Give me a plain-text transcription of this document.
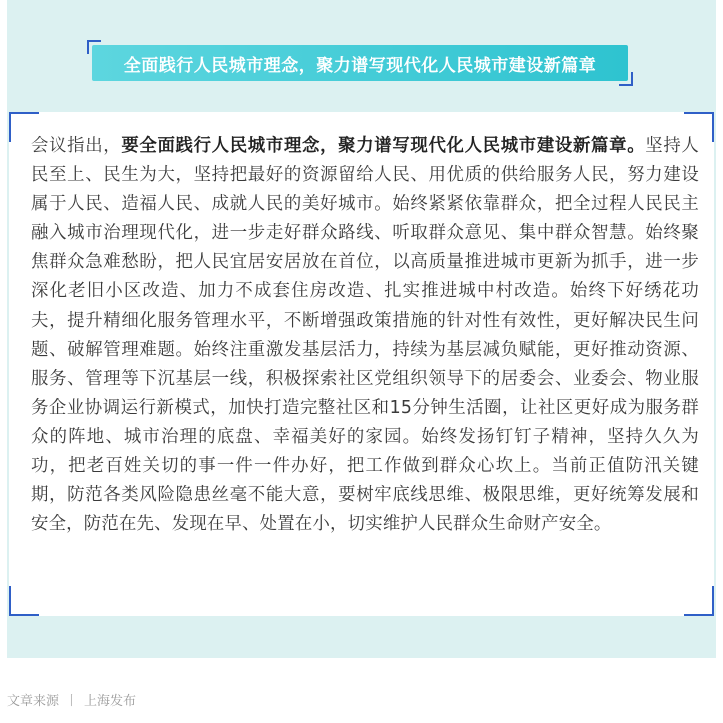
全面践行人民城市理念，聚力谱写现代化人民城市建设新篇章

会议指出，要全面践行人民城市理念，聚力谱写现代化人民城市建设新篇章。坚持人民至上、民生为大，坚持把最好的资源留给人民、用优质的供给服务人民，努力建设属于人民、造福人民、成就人民的美好城市。始终紧紧依靠群众，把全过程人民民主融入城市治理现代化，进一步走好群众路线、听取群众意见、集中群众智慧。始终聚焦群众急难愁盼，把人民宜居安居放在首位，以高质量推进城市更新为抓手，进一步深化老旧小区改造、加力不成套住房改造、扎实推进城中村改造。始终下好绣花功夫，提升精细化服务管理水平，不断增强政策措施的针对性有效性，更好解决民生问题、破解管理难题。始终注重激发基层活力，持续为基层减负赋能，更好推动资源、服务、管理等下沉基层一线，积极探索社区党组织领导下的居委会、业委会、物业服务企业协调运行新模式，加快打造完整社区和15分钟生活圈，让社区更好成为服务群众的阵地、城市治理的底盘、幸福美好的家园。始终发扬钉钉子精神，坚持久久为功，把老百姓关切的事一件一件办好，把工作做到群众心坎上。当前正值防汛关键期，防范各类风险隐患丝毫不能大意，要树牢底线思维、极限思维，更好统筹发展和安全，防范在先、发现在早、处置在小，切实维护人民群众生命财产安全。

文章来源 丨 上海发布
